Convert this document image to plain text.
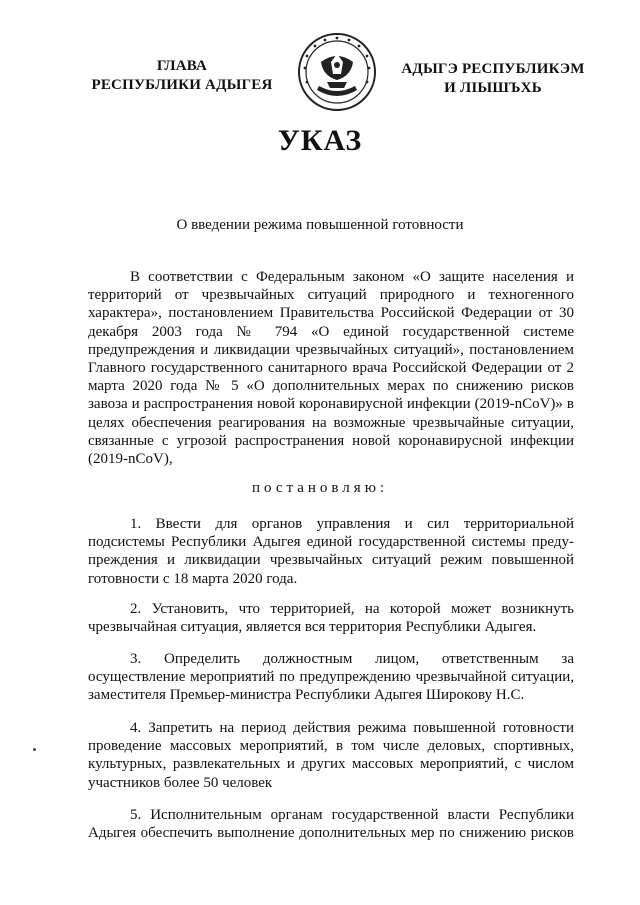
ГЛАВА
РЕСПУБЛИКИ АДЫГЕЯ
АДЫГЭ РЕСПУБЛИКЭМ
И ЛІЫШЪХЬ
УКАЗ
О введении режима повышенной готовности
В соответствии с Федеральным законом «О защите населения и
территорий от чрезвычайных ситуаций природного и техногенного
характера», постановлением Правительства Российской Федерации от 30
декабря 2003 года № 794 «О единой государственной системе
предупреждения и ликвидации чрезвычайных ситуаций», постановлением
Главного государственного санитарного врача Российской Федерации от 2
марта 2020 года № 5 «О дополнительных мерах по снижению рисков
завоза и распространения новой коронавирусной инфекции (2019-nCoV)» в
целях обеспечения реагирования на возможные чрезвычайные ситуации,
связанные с угрозой распространения новой коронавирусной инфекции
(2019-nCoV),
постановляю:
1. Ввести для органов управления и сил территориальной
подсистемы Республики Адыгея единой государственной системы преду-
преждения и ликвидации чрезвычайных ситуаций режим повышенной
готовности с 18 марта 2020 года.
2. Установить, что территорией, на которой может возникнуть
чрезвычайная ситуация, является вся территория Республики Адыгея.
3. Определить должностным лицом, ответственным за
осуществление мероприятий по предупреждению чрезвычайной ситуации,
заместителя Премьер-министра Республики Адыгея Широкову Н.С.
4. Запретить на период действия режима повышенной готовности
проведение массовых мероприятий, в том числе деловых, спортивных,
культурных, развлекательных и других массовых мероприятий, с числом
участников более 50 человек
5. Исполнительным органам государственной власти Республики
Адыгея обеспечить выполнение дополнительных мер по снижению рисков
